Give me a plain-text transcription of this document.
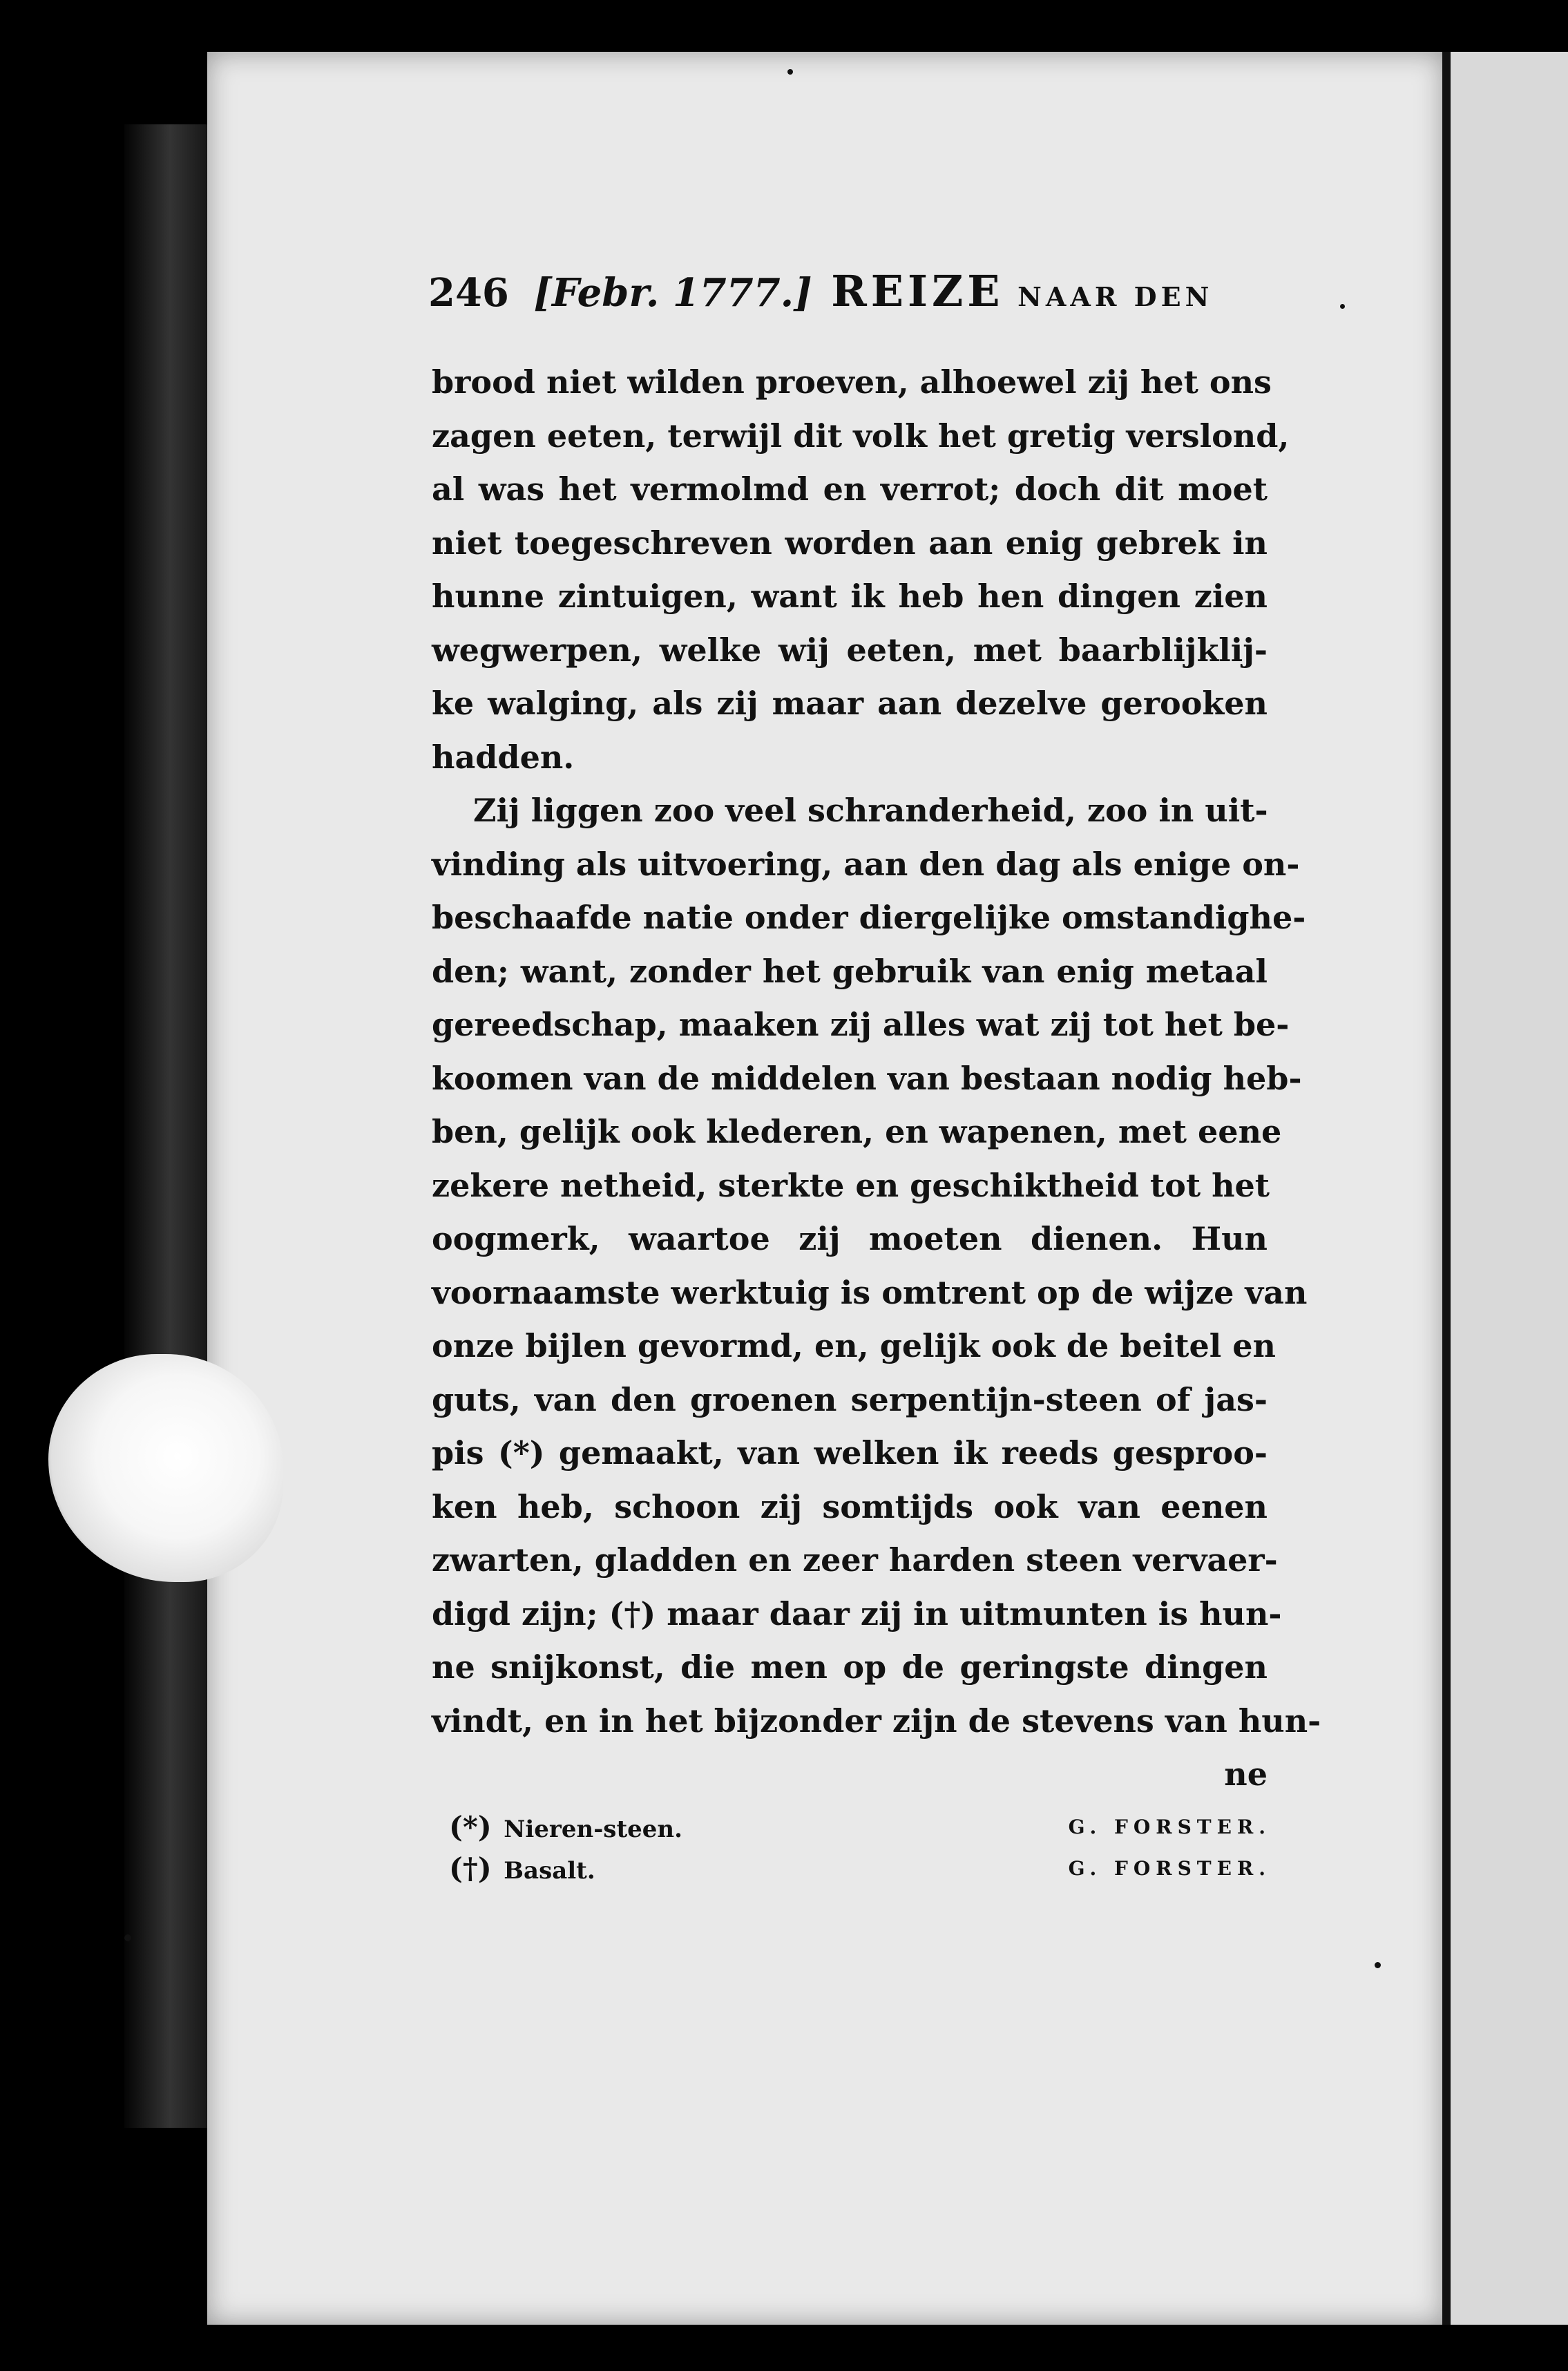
246 [Febr. 1777.] REIZE NAAR DEN
brood niet wilden proeven, alhoewel zij het ons
zagen eeten, terwijl dit volk het gretig verslond,
al was het vermolmd en verrot; doch dit moet
niet toegeschreven worden aan enig gebrek in
hunne zintuigen, want ik heb hen dingen zien
wegwerpen, welke wij eeten, met baarblijklij-
ke walging, als zij maar aan dezelve gerooken
hadden.
Zij liggen zoo veel schranderheid, zoo in uit-
vinding als uitvoering, aan den dag als enige on-
beschaafde natie onder diergelijke omstandighe-
den; want, zonder het gebruik van enig metaal
gereedschap, maaken zij alles wat zij tot het be-
koomen van de middelen van bestaan nodig heb-
ben, gelijk ook klederen, en wapenen, met eene
zekere netheid, sterkte en geschiktheid tot het
oogmerk, waartoe zij moeten dienen. Hun
voornaamste werktuig is omtrent op de wijze van
onze bijlen gevormd, en, gelijk ook de beitel en
guts, van den groenen serpentijn-steen of jas-
pis (*) gemaakt, van welken ik reeds gesproo-
ken heb, schoon zij somtijds ook van eenen
zwarten, gladden en zeer harden steen vervaer-
digd zijn; (†) maar daar zij in uitmunten is hun-
ne snijkonst, die men op de geringste dingen
vindt, en in het bijzonder zijn de stevens van hun-
ne
(*) Nieren-steen.	G. FORSTER.
(†) Basalt.	G. FORSTER.
